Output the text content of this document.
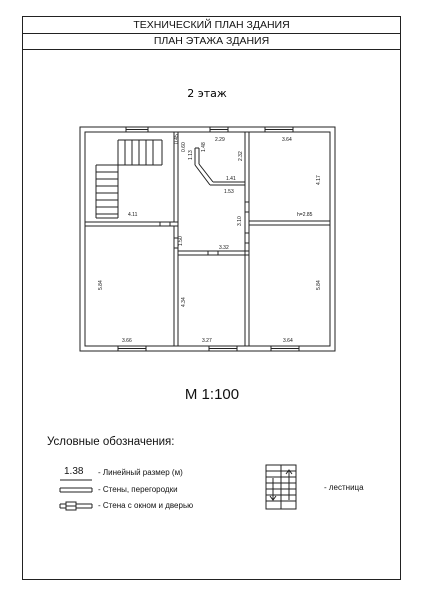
ТЕХНИЧЕСКИЙ ПЛАН ЗДАНИЯ
ПЛАН ЭТАЖА ЗДАНИЯ
2 этаж
0.45
0.60
1.13
1.48
2.29
2.32
3.64
1.41
1.53
4.17
4.11
3.10
h=2.85
1.50
3.32
5.84
4.34
5.84
3.66	3.27	3.64
М 1:100
Условные обозначения:
1.38 - Линейный размер (м)
- Стены, перегородки
- Стена с окном и дверью
- лестница
